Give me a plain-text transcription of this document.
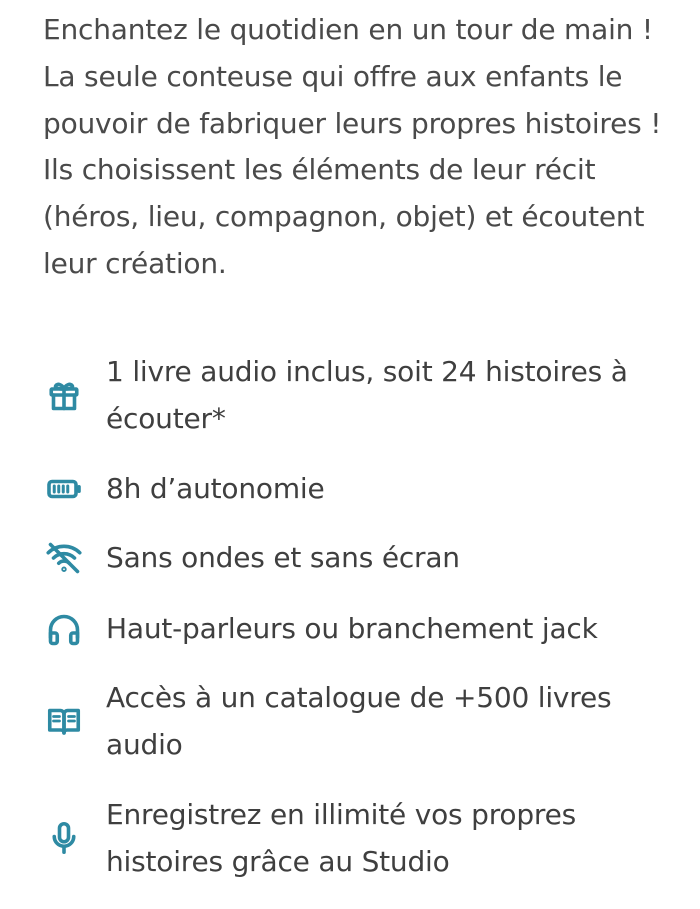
Enchantez le quotidien en un tour de main ! La seule conteuse qui offre aux enfants le pouvoir de fabriquer leurs propres histoires ! Ils choisissent les éléments de leur récit (héros, lieu, compagnon, objet) et écoutent leur création.

1 livre audio inclus, soit 24 histoires à écouter*

8h d’autonomie

Sans ondes et sans écran

Haut-parleurs ou branchement jack

Accès à un catalogue de +500 livres audio

Enregistrez en illimité vos propres histoires grâce au Studio
